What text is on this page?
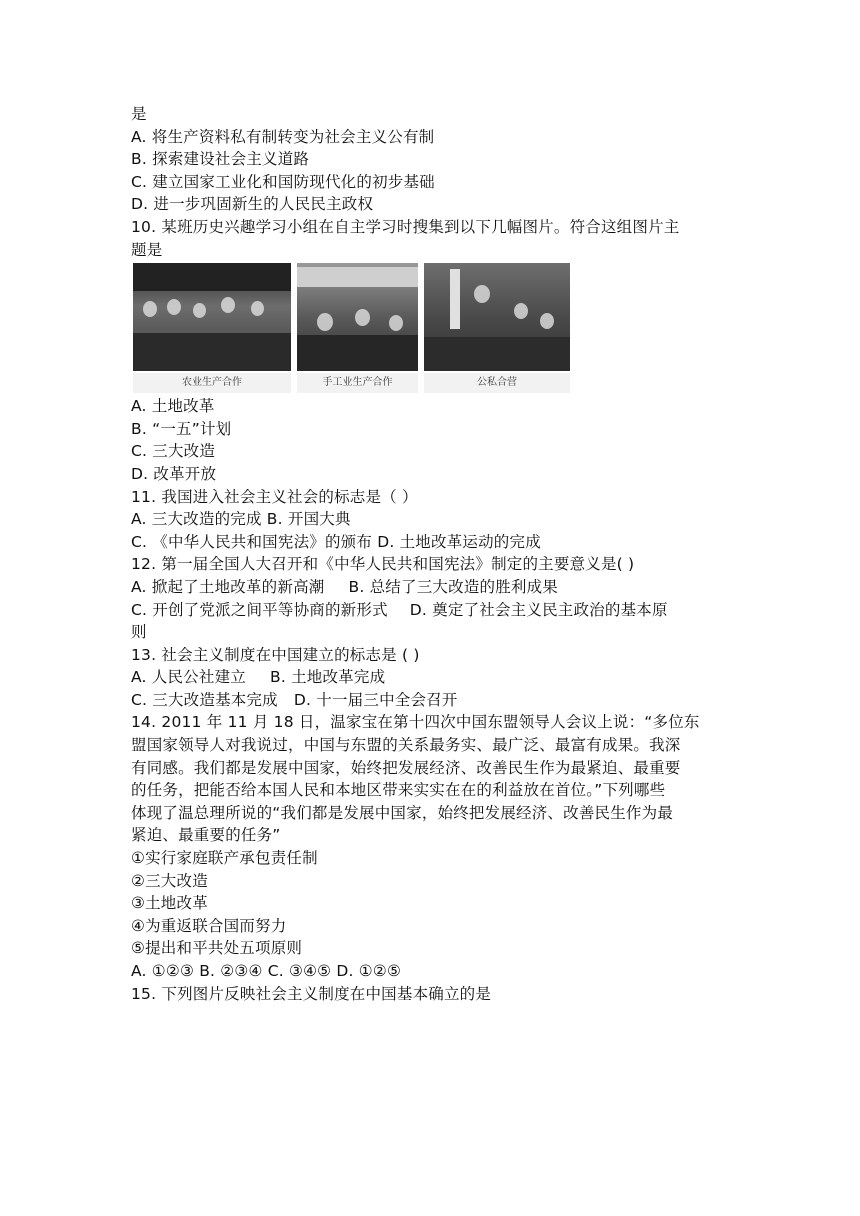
是
A. 将生产资料私有制转变为社会主义公有制
B. 探索建设社会主义道路
C. 建立国家工业化和国防现代化的初步基础
D. 进一步巩固新生的人民民主政权
10. 某班历史兴趣学习小组在自主学习时搜集到以下几幅图片。符合这组图片主
题是
农业生产合作	手工业生产合作	公私合营
A. 土地改革
B. “一五”计划
C. 三大改造
D. 改革开放
11. 我国进入社会主义社会的标志是（ ）
A. 三大改造的完成 B. 开国大典
C. 《中华人民共和国宪法》的颁布 D. 土地改革运动的完成
12. 第一届全国人大召开和《中华人民共和国宪法》制定的主要意义是( )
A. 掀起了土地改革的新高潮 B. 总结了三大改造的胜利成果
C. 开创了党派之间平等协商的新形式 D. 奠定了社会主义民主政治的基本原
则
13. 社会主义制度在中国建立的标志是 ( )
A. 人民公社建立 B. 土地改革完成
C. 三大改造基本完成 D. 十一届三中全会召开
14. 2011 年 11 月 18 日，温家宝在第十四次中国东盟领导人会议上说：“多位东
盟国家领导人对我说过，中国与东盟的关系最务实、最广泛、最富有成果。我深
有同感。我们都是发展中国家，始终把发展经济、改善民生作为最紧迫、最重要
的任务，把能否给本国人民和本地区带来实实在在的利益放在首位。”下列哪些
体现了温总理所说的“我们都是发展中国家，始终把发展经济、改善民生作为最
紧迫、最重要的任务”
①实行家庭联产承包责任制
②三大改造
③土地改革
④为重返联合国而努力
⑤提出和平共处五项原则
A. ①②③ B. ②③④ C. ③④⑤ D. ①②⑤
15. 下列图片反映社会主义制度在中国基本确立的是
